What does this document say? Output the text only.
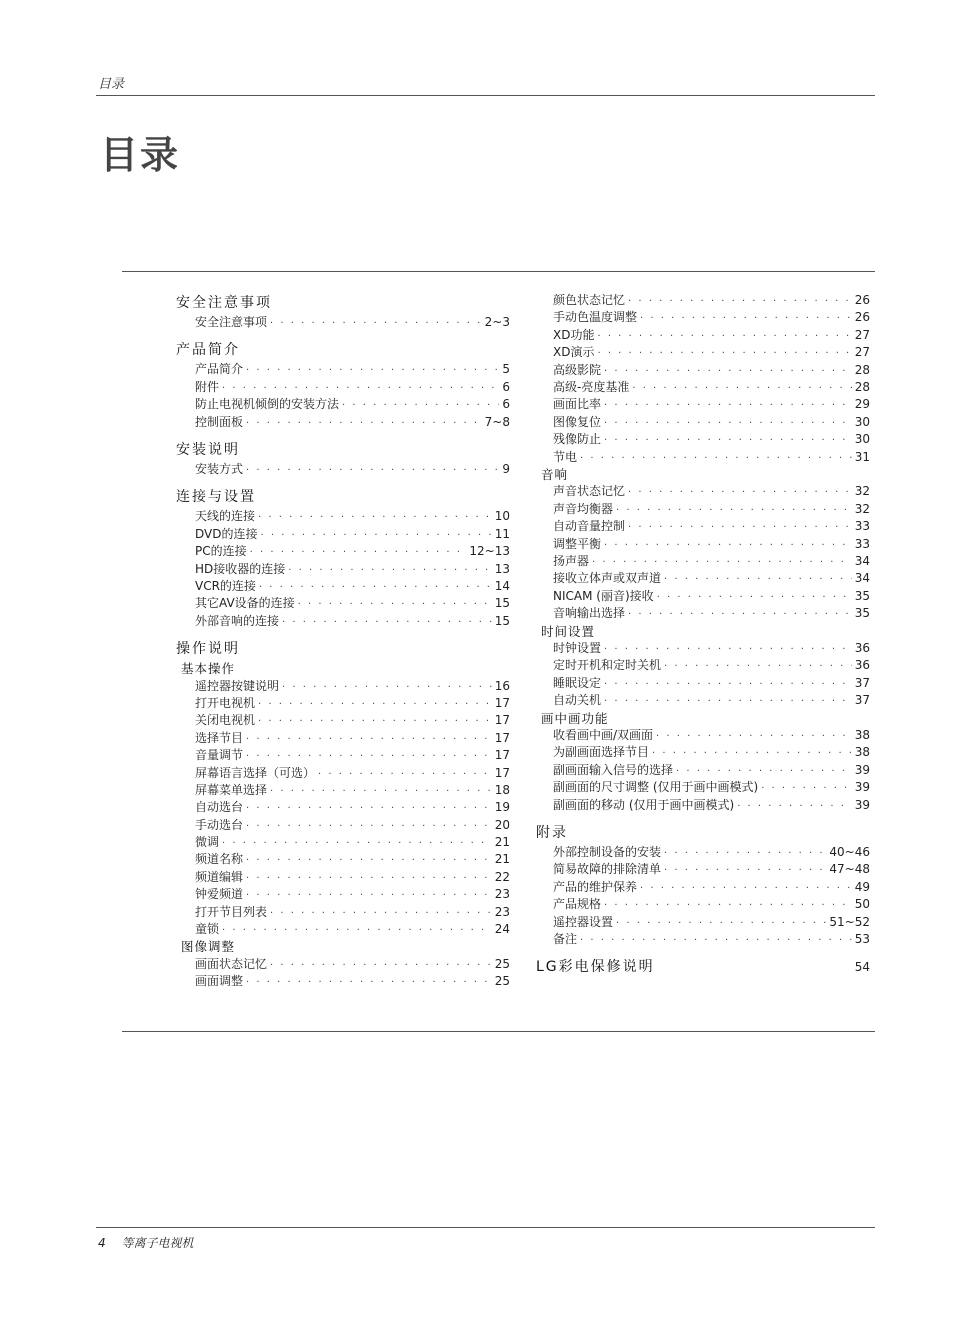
目录
目录
安全注意事项
安全注意事项 · · ·	2~3
产品简介
产品简介 · · ·	5
附件 · · ·	6
防止电视机倾倒的安装方法 · · ·	6
控制面板 · · ·	7~8
安装说明
安装方式 · · ·	9
连接与设置
天线的连接 · · ·	10
DVD的连接 · · ·	11
PC的连接 · · ·	12~13
HD接收器的连接 · · ·	13
VCR的连接 · · ·	14
其它AV设备的连接 · · ·	15
外部音响的连接 · · ·	15
操作说明
基本操作
遥控器按键说明 · · ·	16
打开电视机 · · ·	17
关闭电视机 · · ·	17
选择节目 · · ·	17
音量调节 · · ·	17
屏幕语言选择（可选） · · ·	17
屏幕菜单选择 · · ·	18
自动选台 · · ·	19
手动选台 · · ·	20
微调 · · ·	21
频道名称 · · ·	21
频道编辑 · · ·	22
钟爱频道 · · ·	23
打开节目列表 · · ·	23
童锁 · · ·	24
图像调整
画面状态记忆 · · ·	25
画面调整 · · ·	25
颜色状态记忆 · · ·	26
手动色温度调整 · · ·	26
XD功能 · · ·	27
XD演示 · · ·	27
高级影院 · · ·	28
高级-亮度基准 · · ·	28
画面比率 · · ·	29
图像复位 · · ·	30
残像防止 · · ·	30
节电 · · ·	31
音响
声音状态记忆 · · ·	32
声音均衡器 · · ·	32
自动音量控制 · · ·	33
调整平衡 · · ·	33
扬声器 · · ·	34
接收立体声或双声道 · · ·	34
NICAM (丽音)接收 · · ·	35
音响输出选择 · · ·	35
时间设置
时钟设置 · · ·	36
定时开机和定时关机 · · ·	36
睡眠设定 · · ·	37
自动关机 · · ·	37
画中画功能
收看画中画/双画面 · · ·	38
为副画面选择节目 · · ·	38
副画面输入信号的选择 · · ·	39
副画面的尺寸调整 (仅用于画中画模式) · · ·	39
副画面的移动 (仅用于画中画模式) · · ·	39
附录
外部控制设备的安装 · · ·	40~46
简易故障的排除清单 · · ·	47~48
产品的维护保养 · · ·	49
产品规格 · · ·	50
遥控器设置 · · ·	51~52
备注 · · ·	53
LG彩电保修说明	54
4 等离子电视机
